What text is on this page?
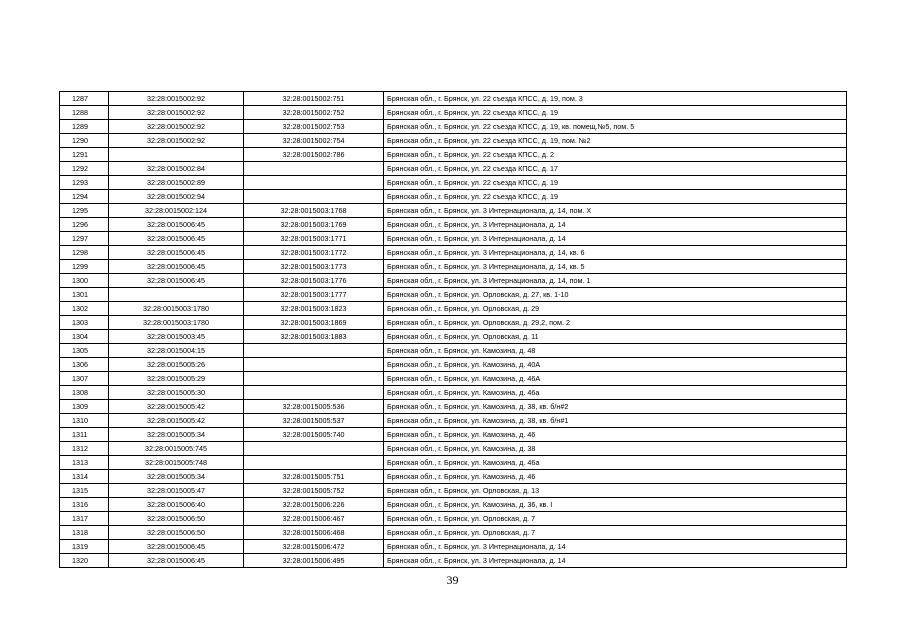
1287	32:28:0015002:92	32:28:0015002:751	Брянская обл., г. Брянск, ул. 22 съезда КПСС, д. 19, пом. 3
1288	32:28:0015002:92	32:28:0015002:752	Брянская обл., г. Брянск, ул. 22 съезда КПСС, д. 19
1289	32:28:0015002:92	32:28:0015002:753	Брянская обл., г. Брянск, ул. 22 съезда КПСС, д. 19, кв. помещ.№5, пом. 5
1290	32:28:0015002:92	32:28:0015002:754	Брянская обл., г. Брянск, ул. 22 съезда КПСС, д. 19, пом. №2
1291		32:28:0015002:786	Брянская обл., г. Брянск, ул. 22 съезда КПСС, д. 2
1292	32:28:0015002:84		Брянская обл., г. Брянск, ул. 22 съезда КПСС, д. 17
1293	32:28:0015002:89		Брянская обл., г. Брянск, ул. 22 съезда КПСС, д. 19
1294	32:28:0015002:94		Брянская обл., г. Брянск, ул. 22 съезда КПСС, д. 19
1295	32:28:0015002:124	32:28:0015003:1768	Брянская обл., г. Брянск, ул. 3 Интернационала, д. 14, пом. X
1296	32:28:0015006:45	32:28:0015003:1769	Брянская обл., г. Брянск, ул. 3 Интернационала, д. 14
1297	32:28:0015006:45	32:28:0015003:1771	Брянская обл., г. Брянск, ул. 3 Интернационала, д. 14
1298	32:28:0015006:45	32:28:0015003:1772	Брянская обл., г. Брянск, ул. 3 Интернационала, д. 14, кв. 6
1299	32:28:0015006:45	32:28:0015003:1773	Брянская обл., г. Брянск, ул. 3 Интернационала, д. 14, кв. 5
1300	32:28:0015006:45	32:28:0015003:1776	Брянская обл., г. Брянск, ул. 3 Интернационала, д. 14, пом. 1
1301		32:28:0015003:1777	Брянская обл., г. Брянск, ул. Орловская, д. 27, кв. 1-10
1302	32:28:0015003:1780	32:28:0015003:1823	Брянская обл., г. Брянск, ул. Орловская, д. 29
1303	32:28:0015003:1780	32:28:0015003:1869	Брянская обл., г. Брянск, ул. Орловская, д. 29,2, пом. 2
1304	32:28:0015003:45	32:28:0015003:1883	Брянская обл., г. Брянск, ул. Орловская, д. 11
1305	32:28:0015004:15		Брянская обл., г. Брянск, ул. Камозина, д. 48
1306	32:28:0015005:26		Брянская обл., г. Брянск, ул. Камозина, д. 40А
1307	32:28:0015005:29		Брянская обл., г. Брянск, ул. Камозина, д. 46А
1308	32:28:0015005:30		Брянская обл., г. Брянск, ул. Камозина, д. 46а
1309	32:28:0015005:42	32:28:0015005:536	Брянская обл., г. Брянск, ул. Камозина, д. 38, кв. б/н#2
1310	32:28:0015005:42	32:28:0015005:537	Брянская обл., г. Брянск, ул. Камозина, д. 38, кв. б/н#1
1311	32:28:0015005:34	32:28:0015005:740	Брянская обл., г. Брянск, ул. Камозина, д. 46
1312	32:28:0015005:745		Брянская обл., г. Брянск, ул. Камозина, д. 38
1313	32:28:0015005:748		Брянская обл., г. Брянск, ул. Камозина, д. 46а
1314	32:28:0015005:34	32:28:0015005:751	Брянская обл., г. Брянск, ул. Камозина, д. 46
1315	32:28:0015005:47	32:28:0015005:752	Брянская обл., г. Брянск, ул. Орловская, д. 13
1316	32:28:0015006:40	32:28:0015006:226	Брянская обл., г. Брянск, ул. Камозина, д. 36, кв. I
1317	32:28:0015006:50	32:28:0015006:467	Брянская обл., г. Брянск, ул. Орловская, д. 7
1318	32:28:0015006:50	32:28:0015006:468	Брянская обл., г. Брянск, ул. Орловская, д. 7
1319	32:28:0015006:45	32:28:0015006:472	Брянская обл., г. Брянск, ул. 3 Интернационала, д. 14
1320	32:28:0015006:45	32:28:0015006:495	Брянская обл., г. Брянск, ул. 3 Интернационала, д. 14
39
